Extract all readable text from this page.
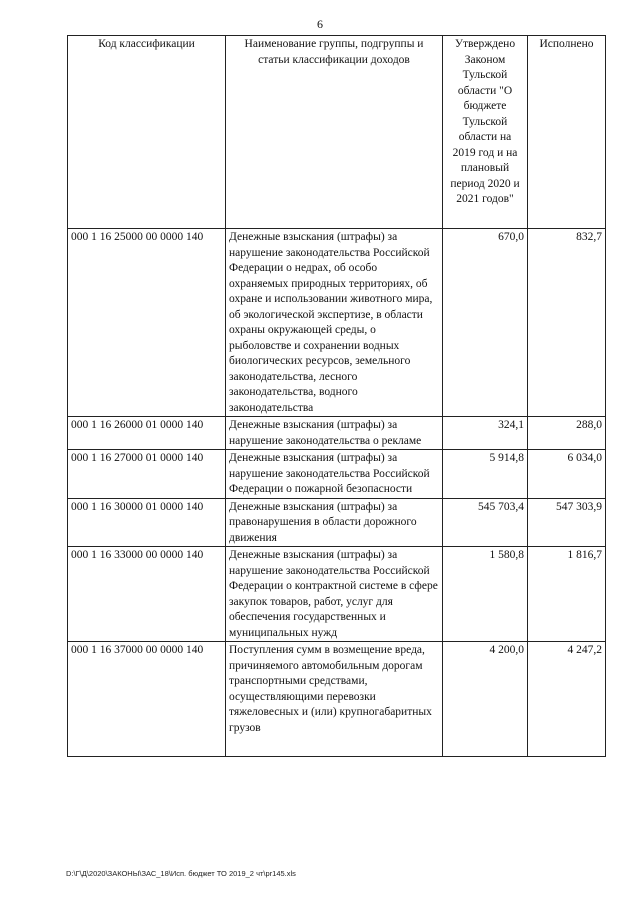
6
Код классификации	Наименование группы, подгруппы и статьи классификации доходов	Утверждено Законом Тульской области "О бюджете Тульской области на 2019 год и на плановый период 2020 и 2021 годов"	Исполнено
000 1 16 25000 00 0000 140	Денежные взыскания (штрафы) за нарушение законодательства Российской Федерации о недрах, об особо охраняемых природных территориях, об охране и использовании животного мира, об экологической экспертизе, в области охраны окружающей среды, о рыболовстве и сохранении водных биологических ресурсов, земельного законодательства, лесного законодательства, водного законодательства	670,0	832,7
000 1 16 26000 01 0000 140	Денежные взыскания (штрафы) за нарушение законодательства о рекламе	324,1	288,0
000 1 16 27000 01 0000 140	Денежные взыскания (штрафы) за нарушение законодательства Российской Федерации о пожарной безопасности	5 914,8	6 034,0
000 1 16 30000 01 0000 140	Денежные взыскания (штрафы) за правонарушения в области дорожного движения	545 703,4	547 303,9
000 1 16 33000 00 0000 140	Денежные взыскания (штрафы) за нарушение законодательства Российской Федерации о контрактной системе в сфере закупок товаров, работ, услуг для обеспечения государственных и муниципальных нужд	1 580,8	1 816,7
000 1 16 37000 00 0000 140	Поступления сумм в возмещение вреда, причиняемого автомобильным дорогам транспортными средствами, осуществляющими перевозки тяжеловесных и (или) крупногабаритных грузов	4 200,0	4 247,2
D:\Г\Д\2020\ЗАКОНЫ\ЗАС_18\Исп. бюджет ТО 2019_2 чт\pr145.xls
